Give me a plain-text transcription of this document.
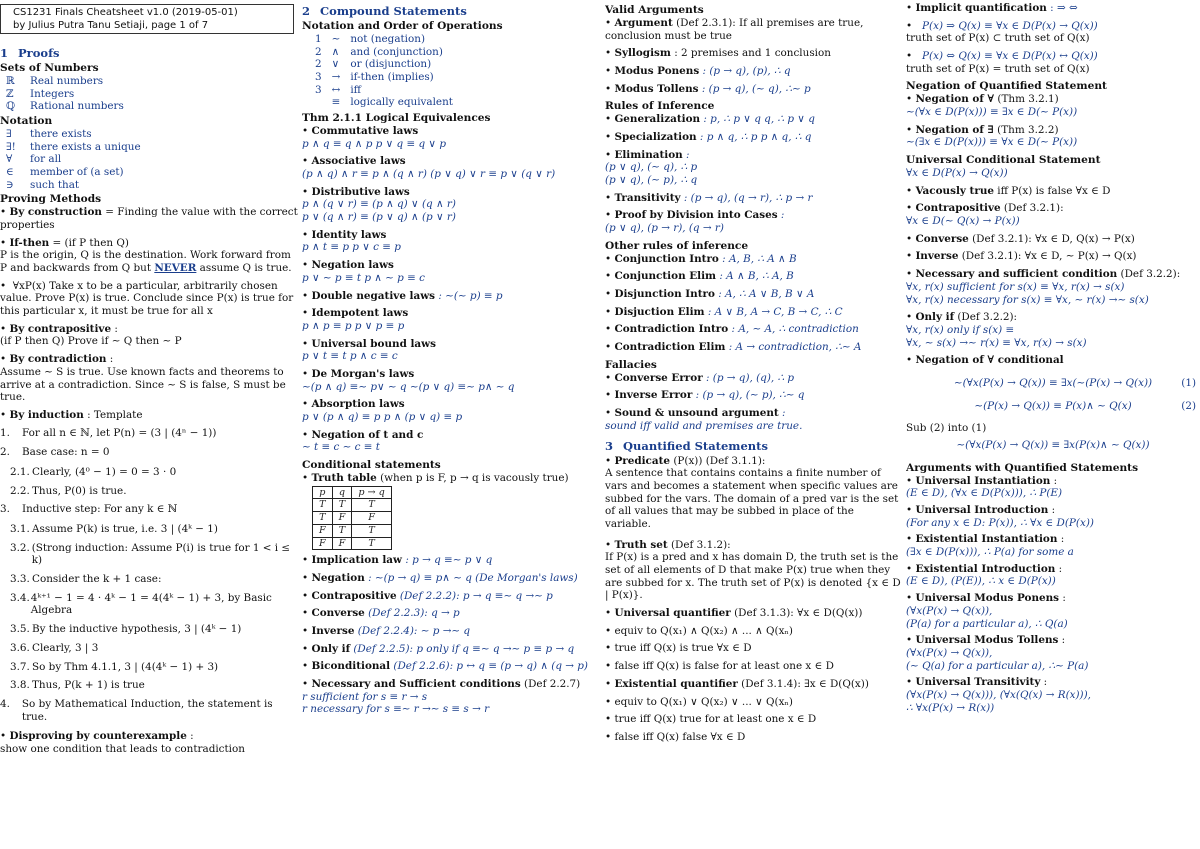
CS1231 Finals Cheatsheet v1.0 (2019-05-01)
by Julius Putra Tanu Setiaji, page 1 of 7
1 Proofs
Sets of Numbers
ℝ	Real numbers
ℤ	Integers
ℚ	Rational numbers
Notation
∃	there exists
∃!	there exists a unique
∀	for all
∈	member of (a set)
∋	such that
Proving Methods

• By construction = Finding the value with the correct properties

• If-then = (if P then Q)
P is the origin, Q is the destination. Work forward from P and backwards from Q but NEVER assume Q is true.

•  ∀xP(x) Take x to be a particular, arbitrarily chosen value. Prove P(x) is true. Conclude since P(x) is true for this particular x, it must be true for all x

• By contrapositive :
(if P then Q) Prove if ∼ Q then ∼ P

• By contradiction :
Assume ∼ S is true. Use known facts and theorems to arrive at a contradiction. Since ∼ S is false, S must be true.

• By induction : Template

1.	For all n ∈ ℕ, let P(n) = (3 | (4ⁿ − 1))
2.	Base case: n = 0
2.1. Clearly, (4⁰ − 1) = 0 = 3 · 0
2.2. Thus, P(0) is true.
3.	Inductive step: For any k ∈ ℕ
3.1. Assume P(k) is true, i.e. 3 | (4ᵏ − 1)
3.2. (Strong induction: Assume P(i) is true for 1 < i ≤ k)
3.3. Consider the k + 1 case:
3.4. 4ᵏ⁺¹ − 1 = 4 · 4ᵏ − 1 = 4(4ᵏ − 1) + 3, by Basic Algebra
3.5. By the inductive hypothesis, 3 | (4ᵏ − 1)
3.6. Clearly, 3 | 3
3.7. So by Thm 4.1.1, 3 | (4(4ᵏ − 1) + 3)
3.8. Thus, P(k + 1) is true
4.	So by Mathematical Induction, the statement is true.

• Disproving by counterexample :
show one condition that leads to contradiction

2 Compound Statements
Notation and Order of Operations
1	∼	not (negation)
2	∧	and (conjunction)
2	∨	or (disjunction)
3	→	if-then (implies)
3	↔	iff
	≡	logically equivalent
Thm 2.1.1 Logical Equivalences

• Commutative laws
p ∧ q ≡ q ∧ p p ∨ q ≡ q ∨ p

• Associative laws
(p ∧ q) ∧ r ≡ p ∧ (q ∧ r) (p ∨ q) ∨ r ≡ p ∨ (q ∨ r)

• Distributive laws
p ∧ (q ∨ r) ≡ (p ∧ q) ∨ (q ∧ r)
p ∨ (q ∧ r) ≡ (p ∨ q) ∧ (p ∨ r)

• Identity laws
p ∧ t ≡ p p ∨ c ≡ p

• Negation laws
p ∨ ∼ p ≡ t p ∧ ∼ p ≡ c

• Double negative laws : ∼(∼ p) ≡ p

• Idempotent laws
p ∧ p ≡ p p ∨ p ≡ p

• Universal bound laws
p ∨ t ≡ t p ∧ c ≡ c

• De Morgan's laws
∼(p ∧ q) ≡∼ p∨ ∼ q ∼(p ∨ q) ≡∼ p∧ ∼ q

• Absorption laws
p ∨ (p ∧ q) ≡ p p ∧ (p ∨ q) ≡ p

• Negation of t and c
∼ t ≡ c ∼ c ≡ t

Conditional statements

• Truth table (when p is F, p → q is vacously true)

p	q	p → q
T	T	T
T	F	F
F	T	T
F	F	T

• Implication law : p → q ≡∼ p ∨ q

• Negation : ∼(p → q) ≡ p∧ ∼ q (De Morgan's laws)

• Contrapositive (Def 2.2.2): p → q ≡∼ q →∼ p

• Converse (Def 2.2.3): q → p

• Inverse (Def 2.2.4): ∼ p →∼ q

• Only if (Def 2.2.5): p only if q ≡∼ q →∼ p ≡ p → q

• Biconditional (Def 2.2.6): p ↔ q ≡ (p → q) ∧ (q → p)

• Necessary and Sufficient conditions (Def 2.2.7)
r sufficient for s ≡ r → s
r necessary for s ≡∼ r →∼ s ≡ s → r

Valid Arguments

• Argument (Def 2.3.1): If all premises are true, conclusion must be true

• Syllogism : 2 premises and 1 conclusion

• Modus Ponens : (p → q), (p), ∴ q

• Modus Tollens : (p → q), (∼ q), ∴∼ p

Rules of Inference

• Generalization : p, ∴ p ∨ q q, ∴ p ∨ q

• Specialization : p ∧ q, ∴ p p ∧ q, ∴ q

• Elimination :
(p ∨ q), (∼ q), ∴ p
(p ∨ q), (∼ p), ∴ q

• Transitivity : (p → q), (q → r), ∴ p → r

• Proof by Division into Cases :
(p ∨ q), (p → r), (q → r)

Other rules of inference

• Conjunction Intro : A, B, ∴ A ∧ B

• Conjunction Elim : A ∧ B, ∴ A, B

• Disjunction Intro : A, ∴ A ∨ B, B ∨ A

• Disjuction Elim : A ∨ B, A → C, B → C, ∴ C

• Contradiction Intro : A, ∼ A, ∴ contradiction

• Contradiction Elim : A → contradiction, ∴∼ A

Fallacies

• Converse Error : (p → q), (q), ∴ p

• Inverse Error : (p → q), (∼ p), ∴∼ q

• Sound & unsound argument :
sound iff valid and premises are true.

3 Quantified Statements

• Predicate (P(x)) (Def 3.1.1):
A sentence that contains contains a finite number of vars and becomes a statement when specific values are subbed for the vars. The domain of a pred var is the set of all values that may be subbed in place of the variable.

• Truth set (Def 3.1.2):
If P(x) is a pred and x has domain D, the truth set is the set of all elements of D that make P(x) true when they are subbed for x. The truth set of P(x) is denoted {x ∈ D | P(x)}.

• Universal quantifier (Def 3.1.3): ∀x ∈ D(Q(x))

• equiv to Q(x₁) ∧ Q(x₂) ∧ ... ∧ Q(xₙ)

• true iff Q(x) is true ∀x ∈ D

• false iff Q(x) is false for at least one x ∈ D

• Existential quantifier (Def 3.1.4): ∃x ∈ D(Q(x))

• equiv to Q(x₁) ∨ Q(x₂) ∨ ... ∨ Q(xₙ)

• true iff Q(x) true for at least one x ∈ D

• false iff Q(x) false ∀x ∈ D

• Implicit quantification : ⇒ ⇔

•   P(x) ⇒ Q(x) ≡ ∀x ∈ D(P(x) → Q(x))
truth set of P(x) ⊂ truth set of Q(x)

•   P(x) ⇔ Q(x) ≡ ∀x ∈ D(P(x) ↔ Q(x))
truth set of P(x) = truth set of Q(x)

Negation of Quantified Statement

• Negation of ∀ (Thm 3.2.1)
∼(∀x ∈ D(P(x))) ≡ ∃x ∈ D(∼ P(x))

• Negation of ∃ (Thm 3.2.2)
∼(∃x ∈ D(P(x))) ≡ ∀x ∈ D(∼ P(x))

Universal Conditional Statement

∀x ∈ D(P(x) → Q(x))

• Vacously true iff P(x) is false ∀x ∈ D

• Contrapositive (Def 3.2.1):
∀x ∈ D(∼ Q(x) → P(x))

• Converse (Def 3.2.1): ∀x ∈ D, Q(x) → P(x)

• Inverse (Def 3.2.1): ∀x ∈ D, ∼ P(x) → Q(x)

• Necessary and sufficient condition (Def 3.2.2):
∀x, r(x) sufficient for s(x) ≡ ∀x, r(x) → s(x)
∀x, r(x) necessary for s(x) ≡ ∀x, ∼ r(x) →∼ s(x)

• Only if (Def 3.2.2):
∀x, r(x) only if s(x) ≡
∀x, ∼ s(x) →∼ r(x) ≡ ∀x, r(x) → s(x)

• Negation of ∀ conditional

∼(∀x(P(x) → Q(x)) ≡ ∃x(∼(P(x) → Q(x))	(1)
∼(P(x) → Q(x)) ≡ P(x)∧ ∼ Q(x)	(2)

Sub (2) into (1)

∼(∀x(P(x) → Q(x)) ≡ ∃x(P(x)∧ ∼ Q(x))
Arguments with Quantified Statements

• Universal Instantiation :
(E ∈ D), (∀x ∈ D(P(x))), ∴ P(E)

• Universal Introduction :
(For any x ∈ D: P(x)), ∴ ∀x ∈ D(P(x))

• Existential Instantiation :
(∃x ∈ D(P(x))), ∴ P(a) for some a

• Existential Introduction :
(E ∈ D), (P(E)), ∴ x ∈ D(P(x))

• Universal Modus Ponens :
(∀x(P(x) → Q(x)),
(P(a) for a particular a), ∴ Q(a)

• Universal Modus Tollens :
(∀x(P(x) → Q(x)),
(∼ Q(a) for a particular a), ∴∼ P(a)

• Universal Transitivity :
(∀x(P(x) → Q(x))), (∀x(Q(x) → R(x))),
∴ ∀x(P(x) → R(x))
